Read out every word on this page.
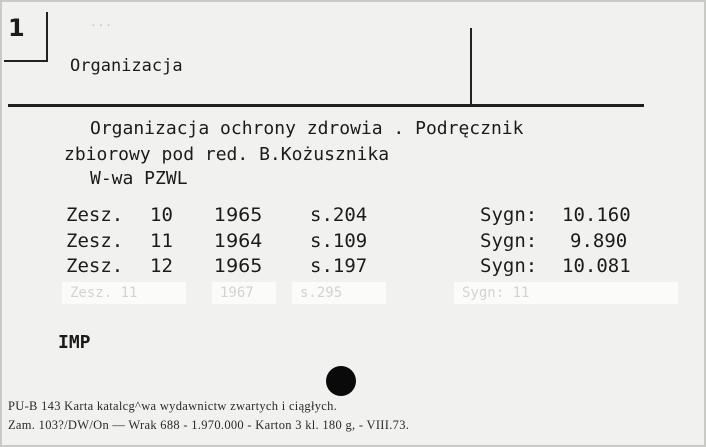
1	...
Organizacja
Organizacja ochrony zdrowia . Podręcznik
zbiorowy pod red. B.Kożusznika
W-wa PZWL
Zesz. 10 1965	s.204	Sygn: 10.160
Zesz. 11 1964	s.109	Sygn: 9.890
Zesz. 12 1965	s.197	Sygn: 10.081
Zesz. 11	1967	s.295	Sygn: 11
IMP
PU-B 143 Karta katalcg^wa wydawnictw zwartych i ciągłych.
Zam. 103?/DW/On — Wrak 688 - 1.970.000 - Karton 3 kl. 180 g, - VIII.73.
